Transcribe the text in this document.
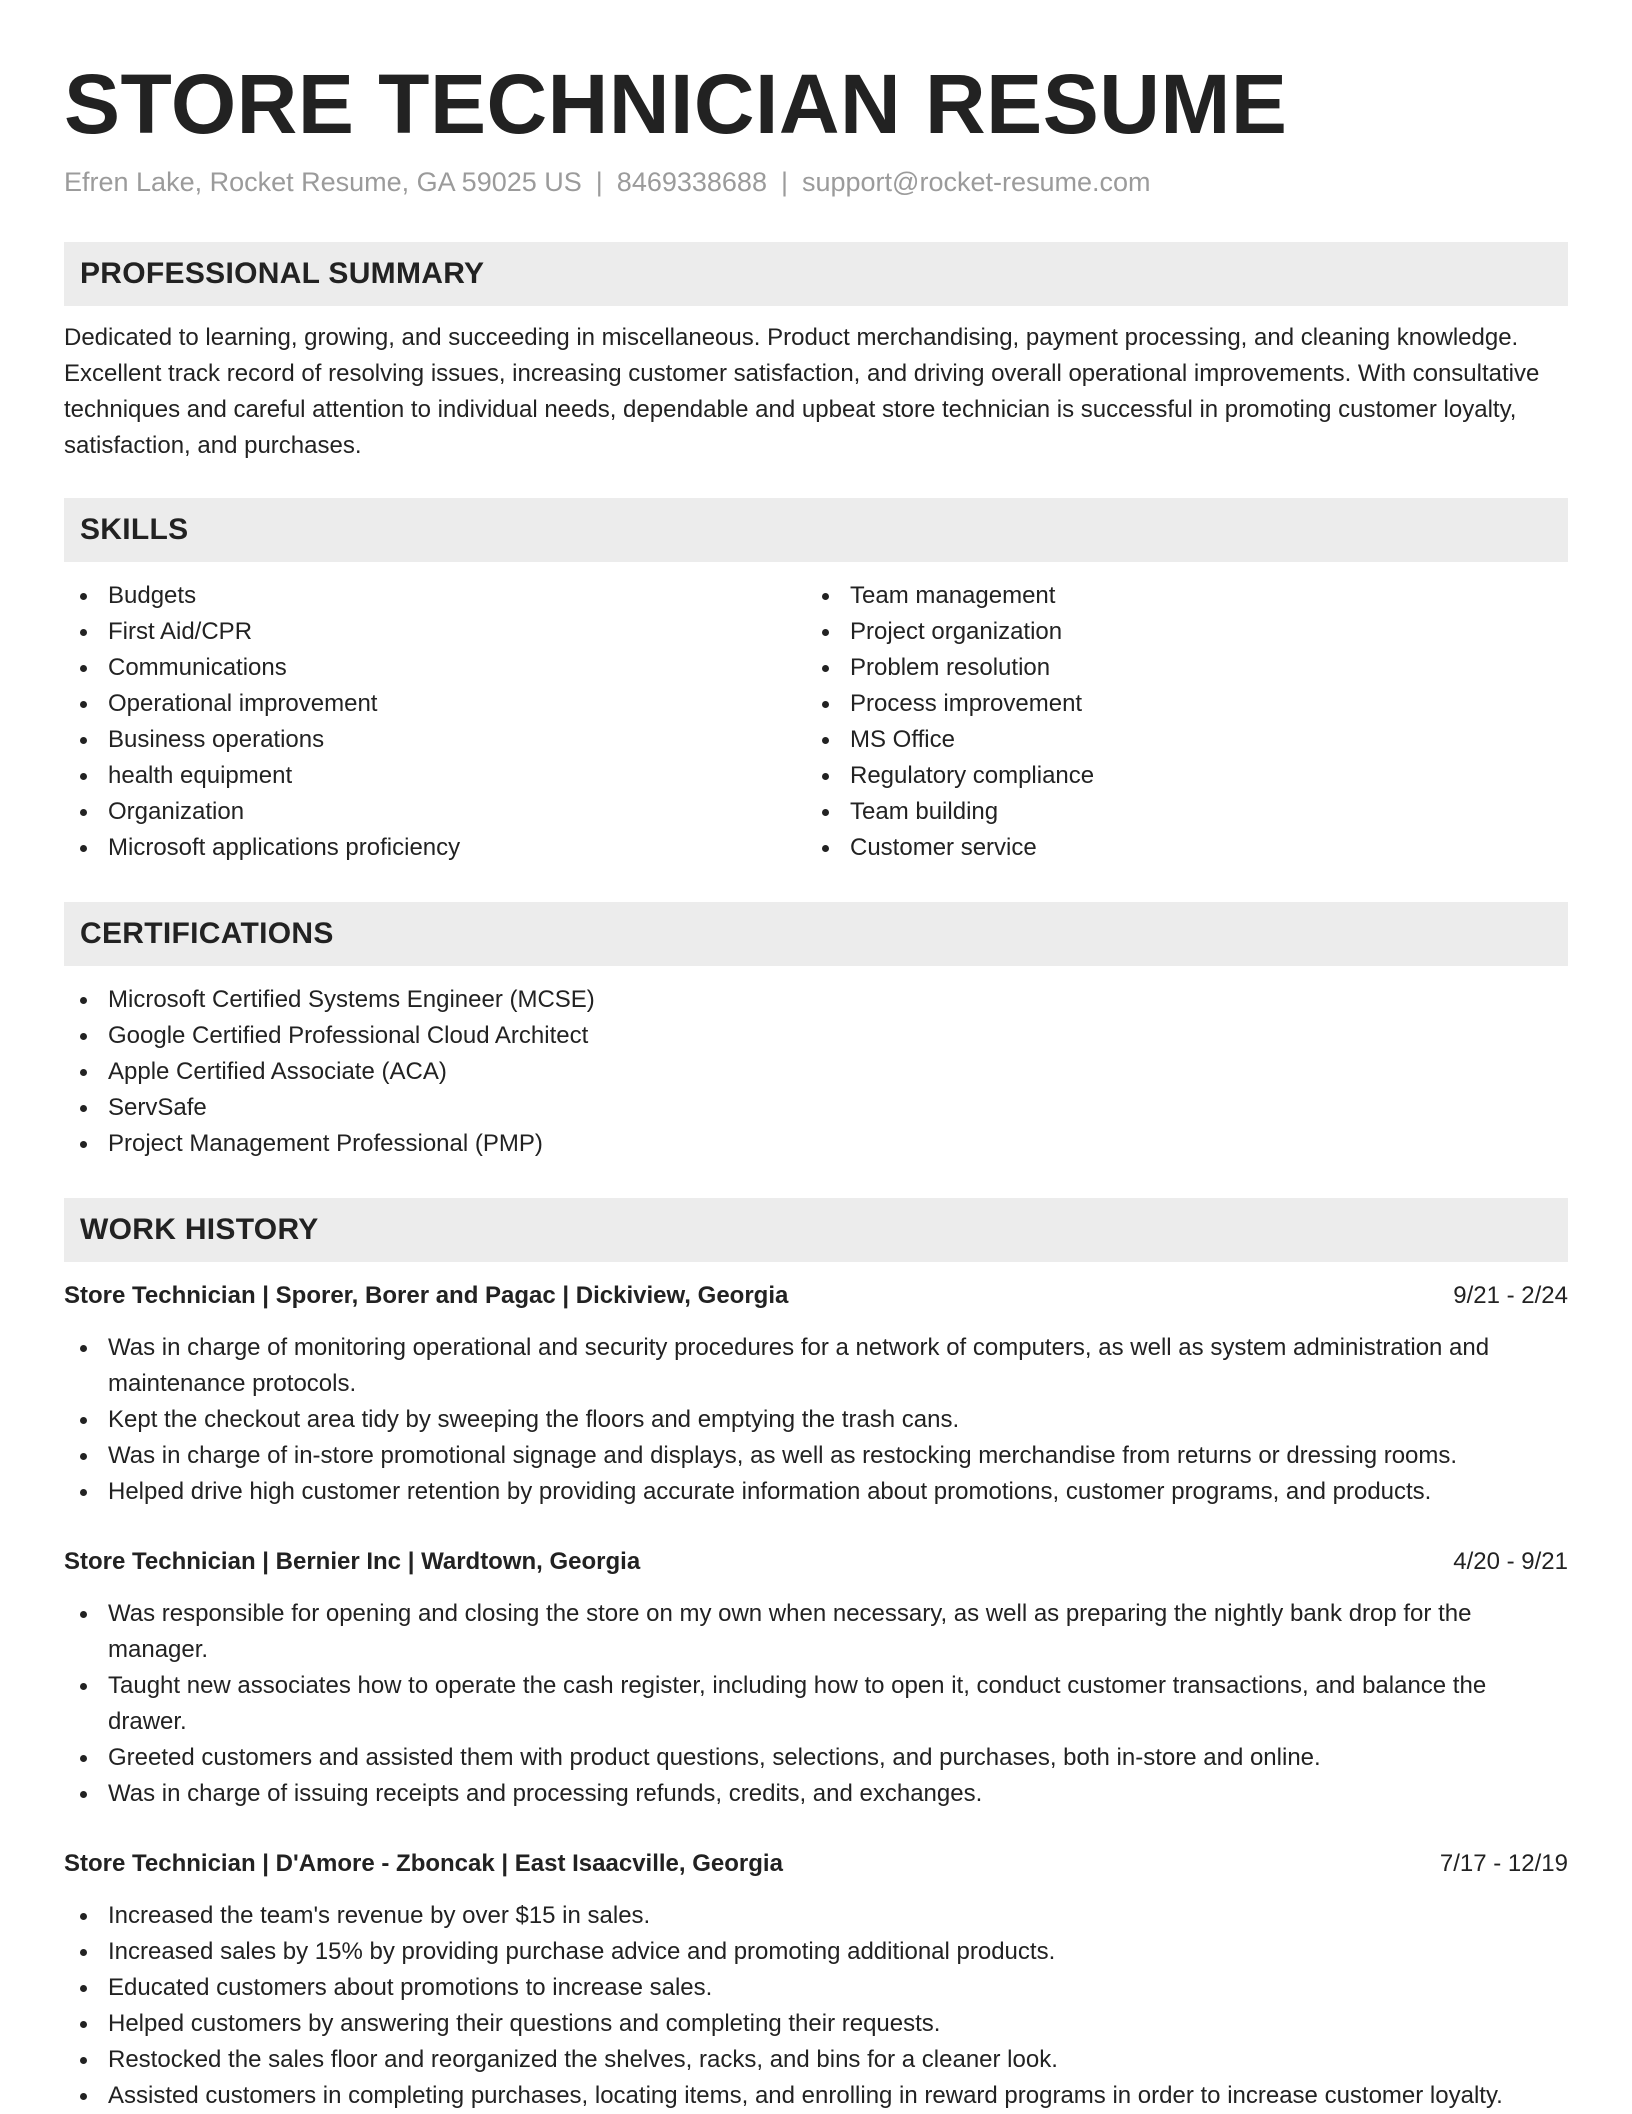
STORE TECHNICIAN RESUME
Efren Lake, Rocket Resume, GA 59025 US | 8469338688 | support@rocket-resume.com
PROFESSIONAL SUMMARY

Dedicated to learning, growing, and succeeding in miscellaneous. Product merchandising, payment processing, and cleaning knowledge. Excellent track record of resolving issues, increasing customer satisfaction, and driving overall operational improvements. With consultative techniques and careful attention to individual needs, dependable and upbeat store technician is successful in promoting customer loyalty, satisfaction, and purchases.

SKILLS
Budgets
First Aid/CPR
Communications
Operational improvement
Business operations
health equipment
Organization
Microsoft applications proficiency
Team management
Project organization
Problem resolution
Process improvement
MS Office
Regulatory compliance
Team building
Customer service
CERTIFICATIONS
Microsoft Certified Systems Engineer (MCSE)
Google Certified Professional Cloud Architect
Apple Certified Associate (ACA)
ServSafe
Project Management Professional (PMP)
WORK HISTORY
Store Technician | Sporer, Borer and Pagac | Dickiview, Georgia	9/21 - 2/24
Was in charge of monitoring operational and security procedures for a network of computers, as well as system administration and maintenance protocols.
Kept the checkout area tidy by sweeping the floors and emptying the trash cans.
Was in charge of in-store promotional signage and displays, as well as restocking merchandise from returns or dressing rooms.
Helped drive high customer retention by providing accurate information about promotions, customer programs, and products.
Store Technician | Bernier Inc | Wardtown, Georgia	4/20 - 9/21
Was responsible for opening and closing the store on my own when necessary, as well as preparing the nightly bank drop for the manager.
Taught new associates how to operate the cash register, including how to open it, conduct customer transactions, and balance the drawer.
Greeted customers and assisted them with product questions, selections, and purchases, both in-store and online.
Was in charge of issuing receipts and processing refunds, credits, and exchanges.
Store Technician | D'Amore - Zboncak | East Isaacville, Georgia	7/17 - 12/19
Increased the team's revenue by over $15 in sales.
Increased sales by 15% by providing purchase advice and promoting additional products.
Educated customers about promotions to increase sales.
Helped customers by answering their questions and completing their requests.
Restocked the sales floor and reorganized the shelves, racks, and bins for a cleaner look.
Assisted customers in completing purchases, locating items, and enrolling in reward programs in order to increase customer loyalty.
